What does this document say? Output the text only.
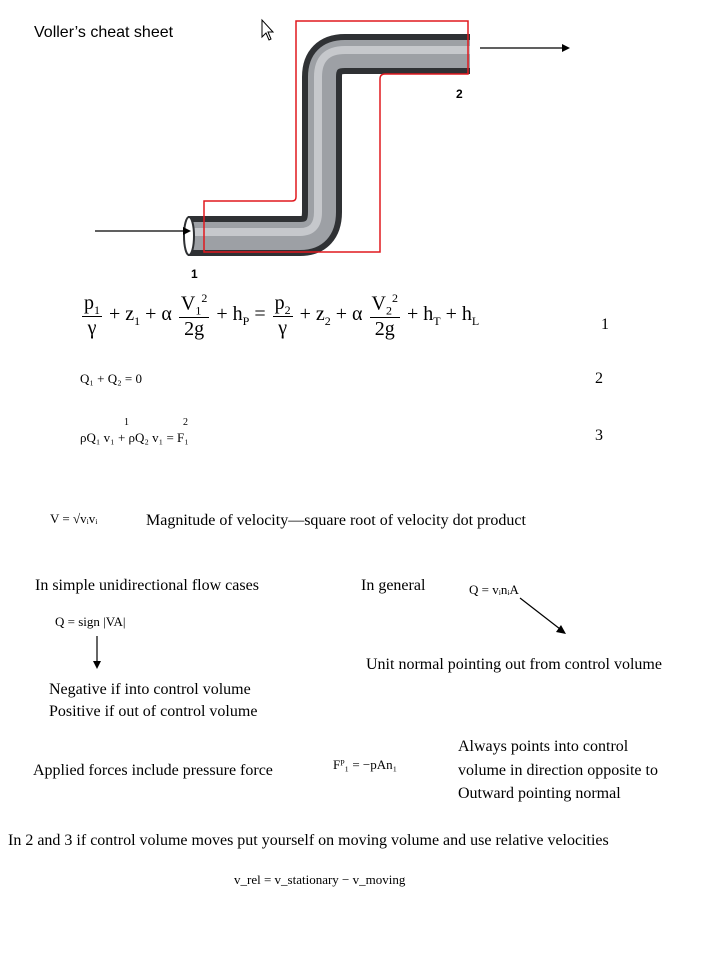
Voller’s cheat sheet
1
2
$\frac{p_1}{\gamma} + z_1 + \alpha \frac{V_1^2}{2g} + h_P = \frac{p_2}{\gamma} + z_2 + \alpha \frac{V_2^2}{2g} + h_T + h_L$	1
2
3
Q₁ + Q₂ = 0
1	2
ρQ₁ v₁ + ρQ₂ v₁ = F₁
V = √vᵢvᵢ	Magnitude of velocity—square root of velocity dot product
In simple unidirectional flow cases
Q = sign |VA|
Negative if into control volume
Positive if out of control volume
In general	Q = vᵢnᵢA
Unit normal pointing out from control volume
Applied forces include pressure force	Fᴾ₁ = −pAn₁
Always points into control
volume in direction opposite to
Outward pointing normal
In 2 and 3 if control volume moves put yourself on moving volume and use relative velocities
v_rel = v_stationary − v_moving
